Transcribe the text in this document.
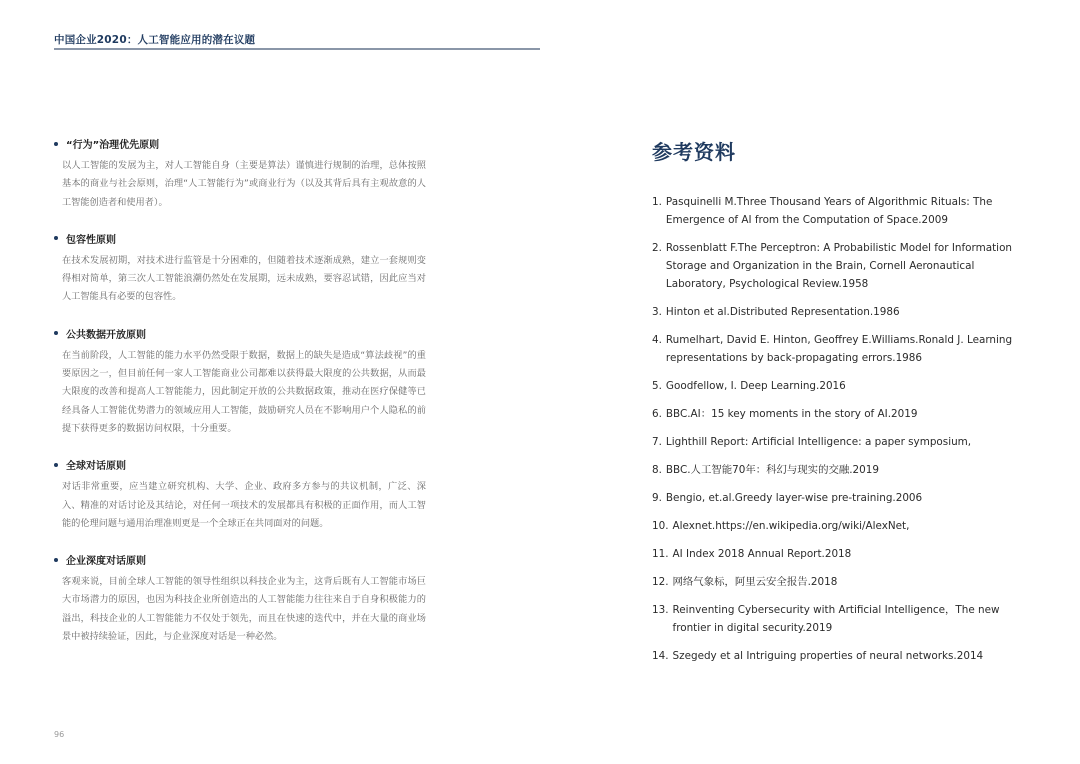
中国企业2020：人工智能应用的潜在议题
“行为”治理优先原则

以人工智能的发展为主，对人工智能自身（主要是算法）谨慎进行规制的治理，总体按照基本的商业与社会原则，治理“人工智能行为”或商业行为（以及其背后具有主观故意的人工智能创造者和使用者）。

包容性原则

在技术发展初期，对技术进行监管是十分困难的，但随着技术逐渐成熟，建立一套规则变得相对简单，第三次人工智能浪潮仍然处在发展期，远未成熟，要容忍试错，因此应当对人工智能具有必要的包容性。

公共数据开放原则

在当前阶段，人工智能的能力水平仍然受限于数据，数据上的缺失是造成“算法歧视”的重要原因之一，但目前任何一家人工智能商业公司都难以获得最大限度的公共数据，从而最大限度的改善和提高人工智能能力，因此制定开放的公共数据政策，推动在医疗保健等已经具备人工智能优势潜力的领域应用人工智能，鼓励研究人员在不影响用户个人隐私的前提下获得更多的数据访问权限，十分重要。

全球对话原则

对话非常重要，应当建立研究机构、大学、企业、政府多方参与的共议机制，广泛、深入、精准的对话讨论及其结论，对任何一项技术的发展都具有积极的正面作用，而人工智能的伦理问题与通用治理准则更是一个全球正在共同面对的问题。

企业深度对话原则

客观来说，目前全球人工智能的领导性组织以科技企业为主，这背后既有人工智能市场巨大市场潜力的原因，也因为科技企业所创造出的人工智能能力往往来自于自身积极能力的溢出，科技企业的人工智能能力不仅处于领先，而且在快速的迭代中，并在大量的商业场景中被持续验证，因此，与企业深度对话是一种必然。

96
参考资料
1. Pasquinelli M.Three Thousand Years of Algorithmic Rituals: The Emergence of AI from the Computation of Space.2009
2. Rossenblatt F.The Perceptron: A Probabilistic Model for Information Storage and Organization in the Brain, Cornell Aeronautical Laboratory, Psychological Review.1958
3. Hinton et al.Distributed Representation.1986
4. Rumelhart, David E. Hinton, Geoffrey E.Williams.Ronald J. Learning representations by back-propagating errors.1986
5. Goodfellow, I. Deep Learning.2016
6. BBC.AI：15 key moments in the story of AI.2019
7. Lighthill Report: Artificial Intelligence: a paper symposium,
8. BBC.人工智能70年：科幻与现实的交融.2019
9. Bengio, et.al.Greedy layer-wise pre-training.2006
10. Alexnet.https://en.wikipedia.org/wiki/AlexNet,
11. AI Index 2018 Annual Report.2018
12. 网络气象标，阿里云安全报告.2018
13. Reinventing Cybersecurity with Artificial Intelligence，The new frontier in digital security.2019
14. Szegedy et al Intriguing properties of neural networks.2014
